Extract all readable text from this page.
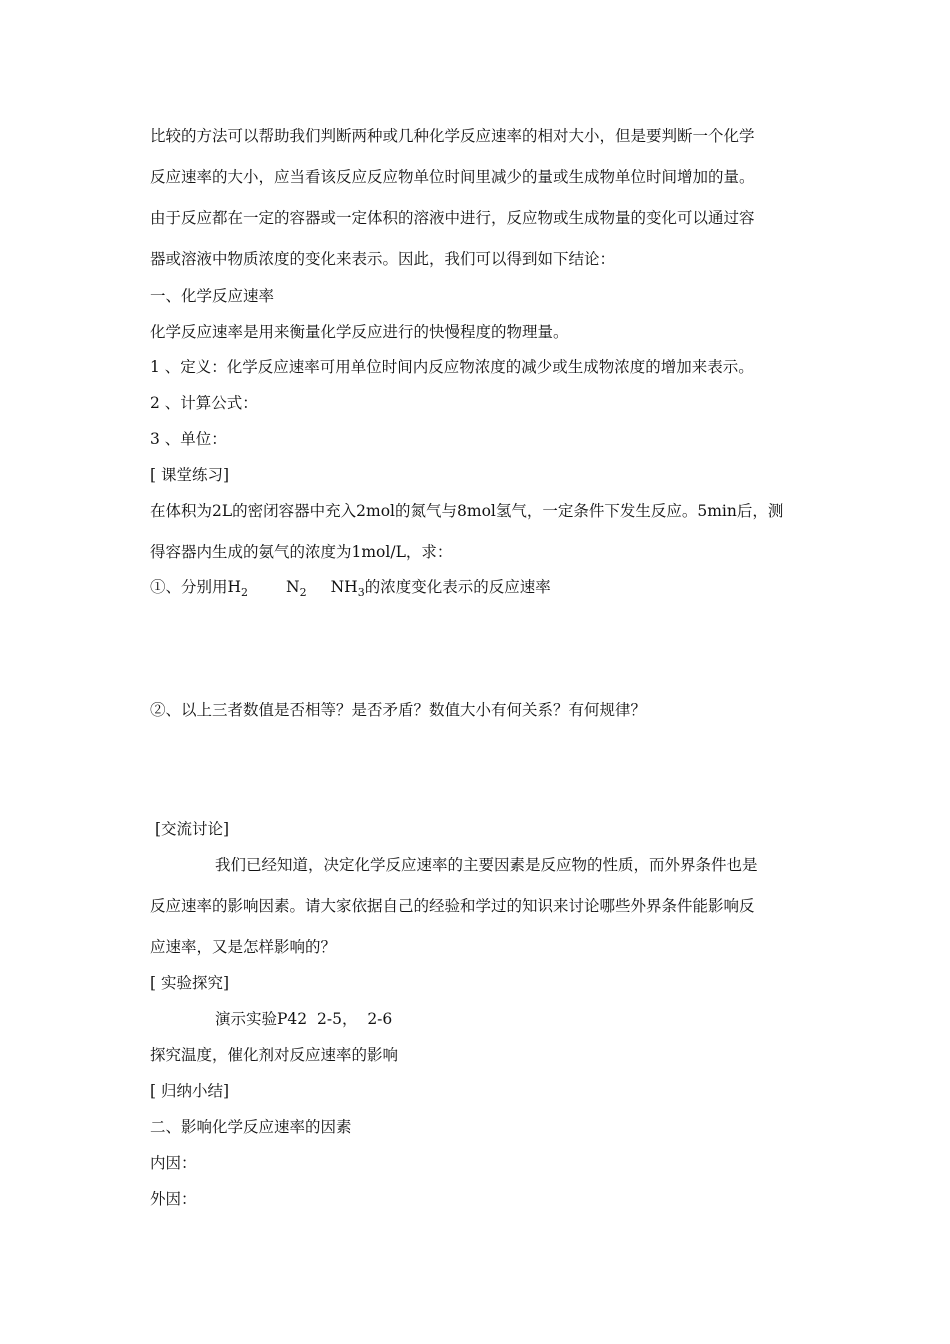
比较的方法可以帮助我们判断两种或几种化学反应速率的相对大小，但是要判断一个化学
反应速率的大小，应当看该反应反应物单位时间里减少的量或生成物单位时间增加的量。
由于反应都在一定的容器或一定体积的溶液中进行，反应物或生成物量的变化可以通过容
器或溶液中物质浓度的变化来表示。因此，我们可以得到如下结论：
一、化学反应速率
化学反应速率是用来衡量化学反应进行的快慢程度的物理量。
1 、定义：化学反应速率可用单位时间内反应物浓度的减少或生成物浓度的增加来表示。
2 、计算公式：
3 、单位：
[ 课堂练习]
在体积为2L的密闭容器中充入2mol的氮气与8mol氢气，一定条件下发生反应。5min后，测
得容器内生成的氨气的浓度为1mol/L，求：
①、分别用$H_2$ $N_2$ $NH_3$的浓度变化表示的反应速率
②、以上三者数值是否相等？是否矛盾？数值大小有何关系？有何规律？
[交流讨论]
我们已经知道，决定化学反应速率的主要因素是反应物的性质，而外界条件也是
反应速率的影响因素。请大家依据自己的经验和学过的知识来讨论哪些外界条件能影响反
应速率，又是怎样影响的？
[ 实验探究]
演示实验P42  2-5，  2-6
探究温度，催化剂对反应速率的影响
[ 归纳小结]
二、影响化学反应速率的因素
内因：
外因：
